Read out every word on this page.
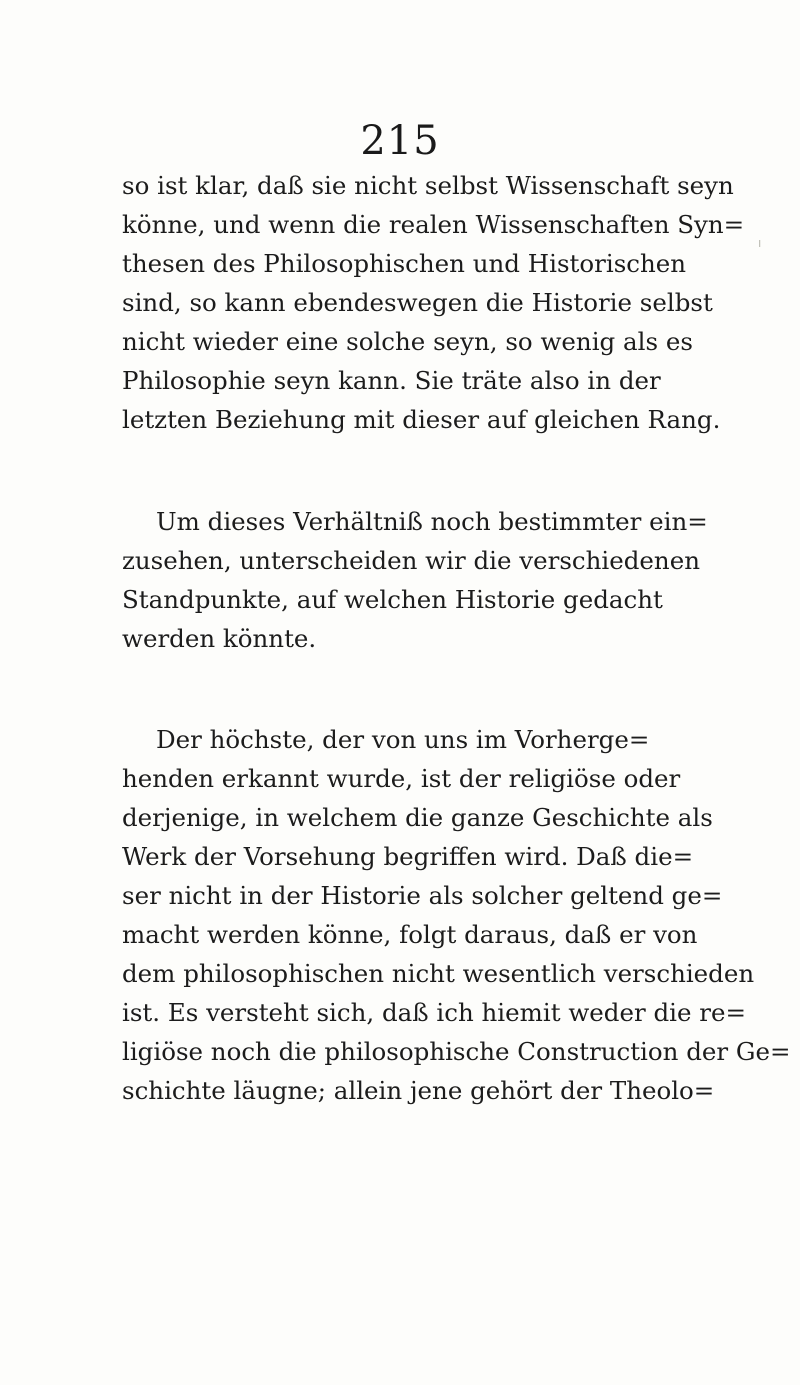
215
ı
so ist klar, daß sie nicht selbst Wissenschaft seyn
könne, und wenn die realen Wissenschaften Syn=
thesen des Philosophischen und Historischen
sind, so kann ebendeswegen die Historie selbst
nicht wieder eine solche seyn, so wenig als es
Philosophie seyn kann. Sie träte also in der
letzten Beziehung mit dieser auf gleichen Rang.
Um dieses Verhältniß noch bestimmter ein=
zusehen, unterscheiden wir die verschiedenen
Standpunkte, auf welchen Historie gedacht
werden könnte.
Der höchste, der von uns im Vorherge=
henden erkannt wurde, ist der religiöse oder
derjenige, in welchem die ganze Geschichte als
Werk der Vorsehung begriffen wird. Daß die=
ser nicht in der Historie als solcher geltend ge=
macht werden könne, folgt daraus, daß er von
dem philosophischen nicht wesentlich verschieden
ist. Es versteht sich, daß ich hiemit weder die re=
ligiöse noch die philosophische Construction der Ge=
schichte läugne; allein jene gehört der Theolo=
